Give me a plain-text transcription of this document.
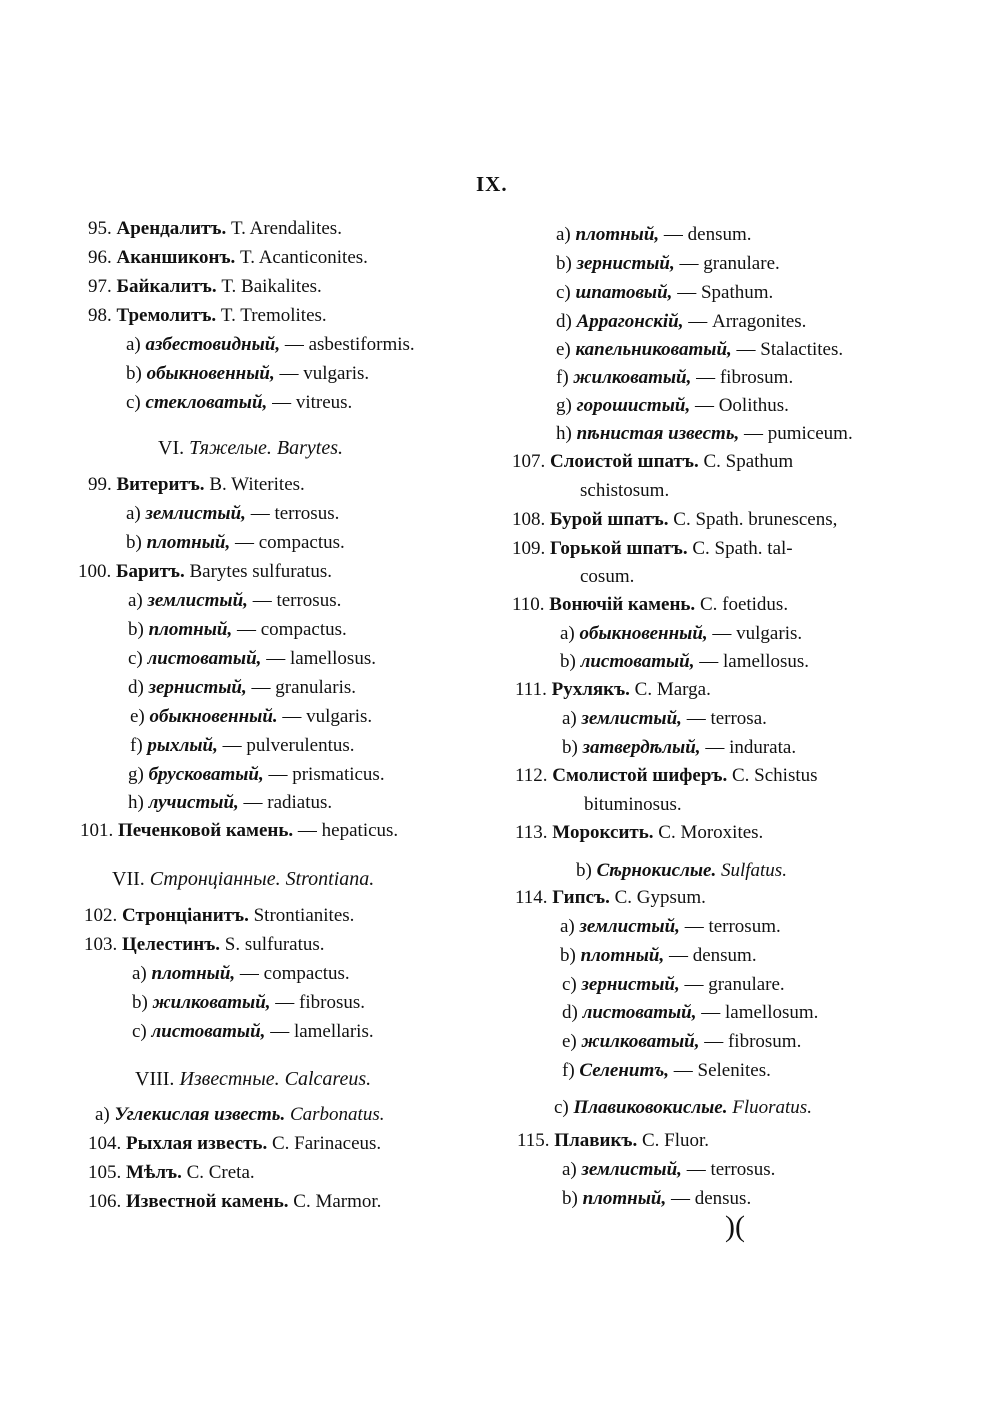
IX.
95. Арендалитъ. T. Arendalites.
96. Аканшиконъ. T. Acanticonites.
97. Байкалитъ. T. Baikalites.
98. Тремолитъ. T. Tremolites.
a) азбестовидный, — asbestiformis.
b) обыкновенный, — vulgaris.
c) стекловатый, — vitreus.
VI. Тяжелые. Barytes.
99. Витеритъ. B. Witerites.
a) землистый, — terrosus.
b) плотный, — compactus.
100. Баритъ. Barytes sulfuratus.
a) землистый, — terrosus.
b) плотный, — compactus.
c) листоватый, — lamellosus.
d) зернистый, — granularis.
e) обыкновенный. — vulgaris.
f) рыхлый, — pulverulentus.
g) брусковатый, — prismaticus.
h) лучистый, — radiatus.
101. Печенковой камень. — hepaticus.
VII. Стронціанные. Strontiana.
102. Стронціанитъ. Strontianites.
103. Целестинъ. S. sulfuratus.
a) плотный, — compactus.
b) жилковатый, — fibrosus.
c) листоватый, — lamellaris.
VIII. Известные. Calcareus.
a) Углекислая известь. Carbonatus.
104. Рыхлая известь. C. Farinaceus.
105. Мѣлъ. C. Creta.
106. Известной камень. C. Marmor.
a) плотный, — densum.
b) зернистый, — granulare.
c) шпатовый, — Spathum.
d) Аррагонскій, — Arragonites.
e) капельниковатый, — Stalactites.
f) жилковатый, — fibrosum.
g) горошистый, — Oolithus.
h) пѣнистая известь, — pumiceum.
107. Слоистой шпатъ. C. Spathum
schistosum.
108. Бурой шпатъ. C. Spath. brunescens,
109. Горькой шпатъ. C. Spath. tal-
cosum.
110. Вонючій камень. C. foetidus.
a) обыкновенный, — vulgaris.
b) листоватый, — lamellosus.
111. Рухлякъ. C. Marga.
a) землистый, — terrosa.
b) затвердѣлый, — indurata.
112. Смолистой шиферъ. C. Schistus
bituminosus.
113. Мороксить. C. Moroxites.
b) Сѣрнокислые. Sulfatus.
114. Гипсъ. C. Gypsum.
a) землистый, — terrosum.
b) плотный, — densum.
c) зернистый, — granulare.
d) листоватый, — lamellosum.
e) жилковатый, — fibrosum.
f) Селенитъ, — Selenites.
c) Плавиковокислые. Fluoratus.
115. Плавикъ. C. Fluor.
a) землистый, — terrosus.
b) плотный, — densus.
)(
